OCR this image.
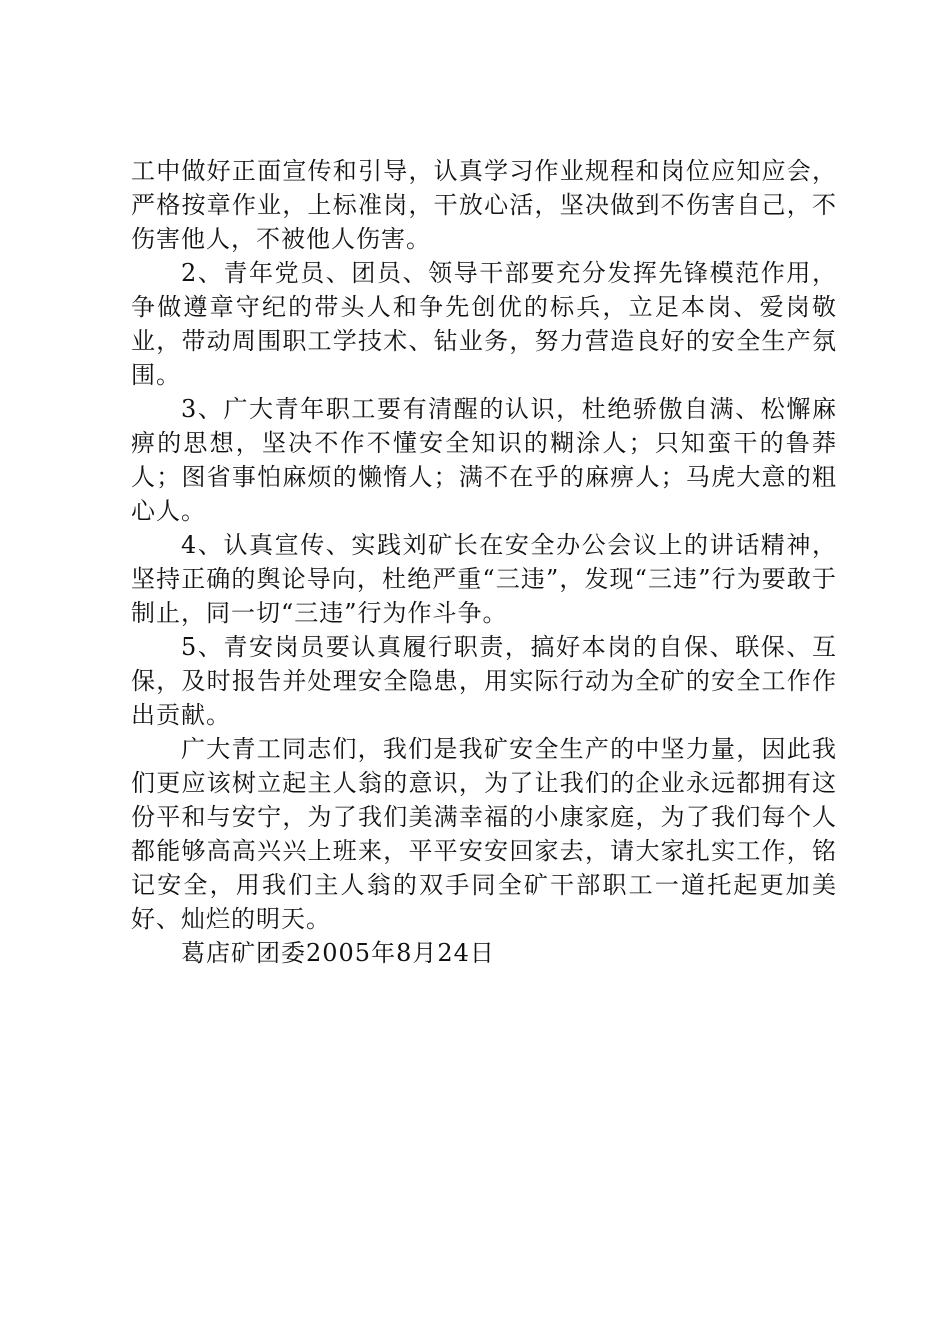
工中做好正面宣传和引导，认真学习作业规程和岗位应知应会，严格按章作业，上标准岗，干放心活，坚决做到不伤害自己，不伤害他人，不被他人伤害。

2、青年党员、团员、领导干部要充分发挥先锋模范作用，争做遵章守纪的带头人和争先创优的标兵，立足本岗、爱岗敬业，带动周围职工学技术、钻业务，努力营造良好的安全生产氛围。

3、广大青年职工要有清醒的认识，杜绝骄傲自满、松懈麻痹的思想，坚决不作不懂安全知识的糊涂人；只知蛮干的鲁莽人；图省事怕麻烦的懒惰人；满不在乎的麻痹人；马虎大意的粗心人。

4、认真宣传、实践刘矿长在安全办公会议上的讲话精神，坚持正确的舆论导向，杜绝严重“三违”，发现“三违”行为要敢于制止，同一切“三违”行为作斗争。

5、青安岗员要认真履行职责，搞好本岗的自保、联保、互保，及时报告并处理安全隐患，用实际行动为全矿的安全工作作出贡献。

广大青工同志们，我们是我矿安全生产的中坚力量，因此我们更应该树立起主人翁的意识，为了让我们的企业永远都拥有这份平和与安宁，为了我们美满幸福的小康家庭，为了我们每个人都能够高高兴兴上班来，平平安安回家去，请大家扎实工作，铭记安全，用我们主人翁的双手同全矿干部职工一道托起更加美好、灿烂的明天。

葛店矿团委2005年8月24日
